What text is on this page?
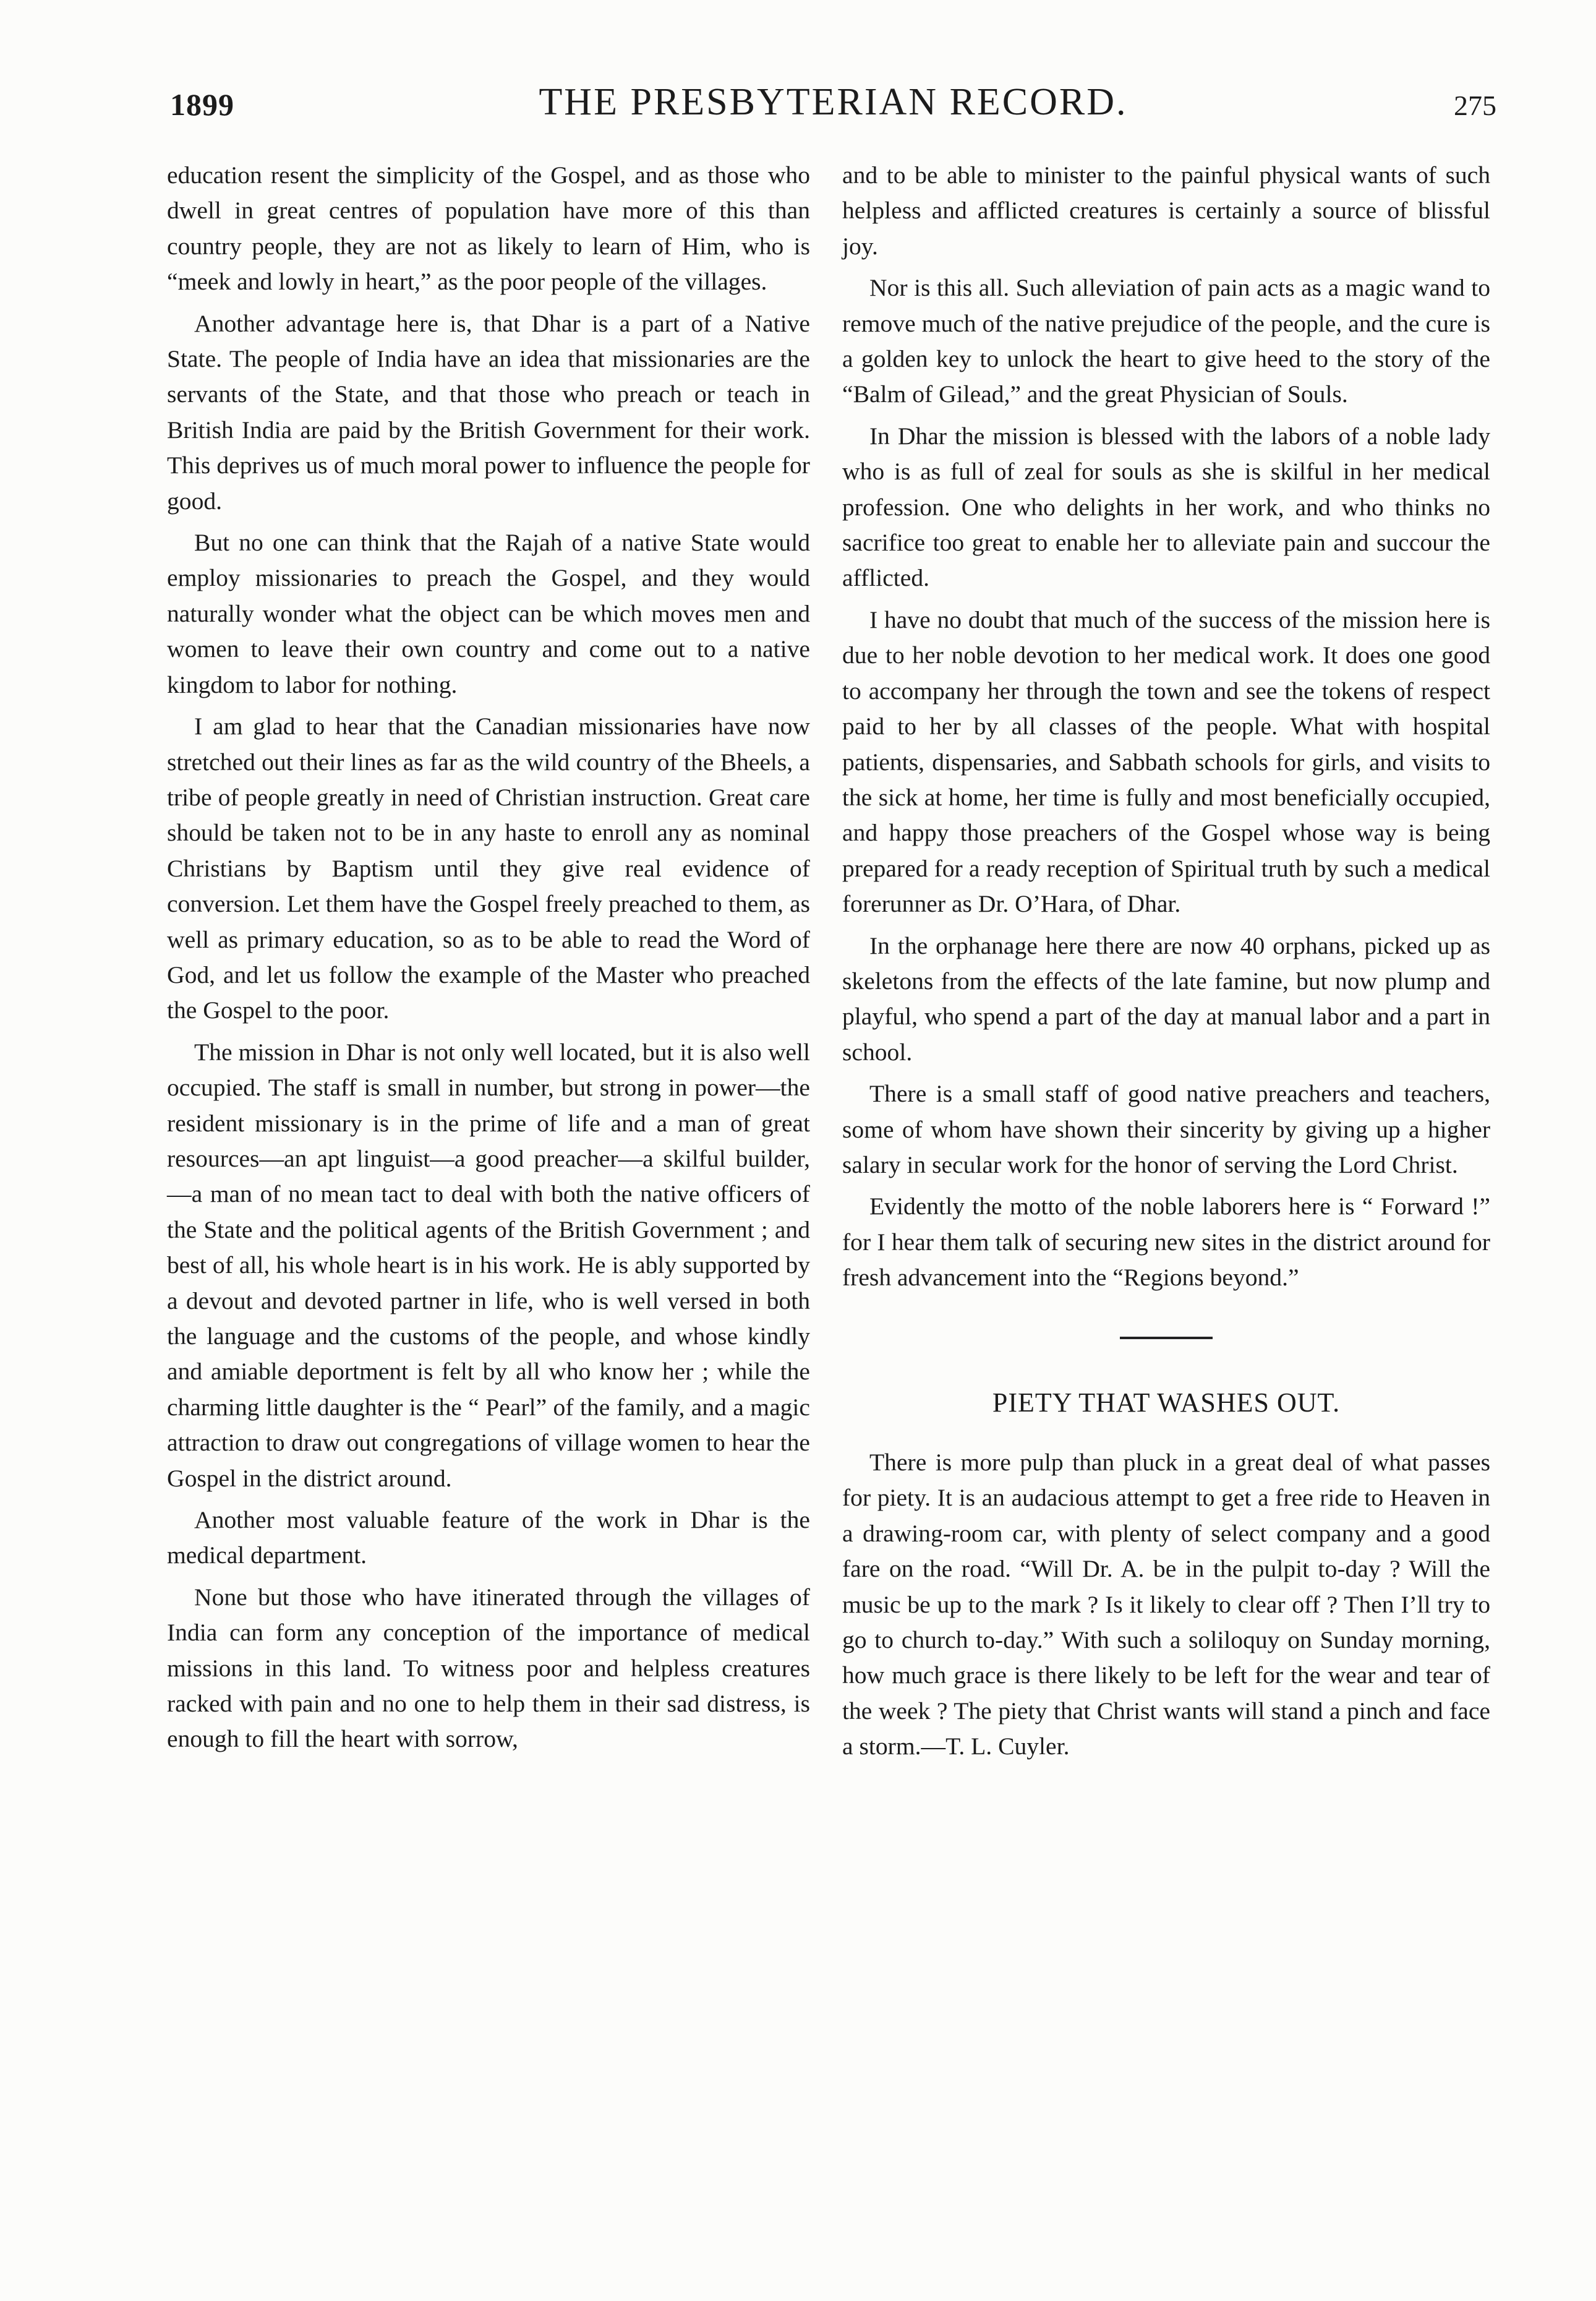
1899	THE PRESBYTERIAN RECORD.	275

education resent the simplicity of the Gospel, and as those who dwell in great centres of population have more of this than country people, they are not as likely to learn of Him, who is “meek and lowly in heart,” as the poor people of the villages.

Another advantage here is, that Dhar is a part of a Native State. The people of India have an idea that missionaries are the servants of the State, and that those who preach or teach in British India are paid by the British Government for their work. This deprives us of much moral power to influence the people for good.

But no one can think that the Rajah of a native State would employ missionaries to preach the Gospel, and they would naturally wonder what the object can be which moves men and women to leave their own country and come out to a native kingdom to labor for nothing.

I am glad to hear that the Canadian missionaries have now stretched out their lines as far as the wild country of the Bheels, a tribe of people greatly in need of Christian instruction. Great care should be taken not to be in any haste to enroll any as nominal Christians by Baptism until they give real evidence of conversion. Let them have the Gospel freely preached to them, as well as primary education, so as to be able to read the Word of God, and let us follow the example of the Master who preached the Gospel to the poor.

The mission in Dhar is not only well located, but it is also well occupied. The staff is small in number, but strong in power—the resident missionary is in the prime of life and a man of great resources—an apt linguist—a good preacher—a skilful builder,—a man of no mean tact to deal with both the native officers of the State and the political agents of the British Government ; and best of all, his whole heart is in his work. He is ably supported by a devout and devoted partner in life, who is well versed in both the language and the customs of the people, and whose kindly and amiable deportment is felt by all who know her ; while the charming little daughter is the “ Pearl” of the family, and a magic attraction to draw out congregations of village women to hear the Gospel in the district around.

Another most valuable feature of the work in Dhar is the medical department.

None but those who have itinerated through the villages of India can form any conception of the importance of medical missions in this land. To witness poor and helpless creatures racked with pain and no one to help them in their sad distress, is enough to fill the heart with sorrow,

and to be able to minister to the painful physical wants of such helpless and afflicted creatures is certainly a source of blissful joy.

Nor is this all. Such alleviation of pain acts as a magic wand to remove much of the native prejudice of the people, and the cure is a golden key to unlock the heart to give heed to the story of the “Balm of Gilead,” and the great Physician of Souls.

In Dhar the mission is blessed with the labors of a noble lady who is as full of zeal for souls as she is skilful in her medical profession. One who delights in her work, and who thinks no sacrifice too great to enable her to alleviate pain and succour the afflicted.

I have no doubt that much of the success of the mission here is due to her noble devotion to her medical work. It does one good to accompany her through the town and see the tokens of respect paid to her by all classes of the people. What with hospital patients, dispensaries, and Sabbath schools for girls, and visits to the sick at home, her time is fully and most beneficially occupied, and happy those preachers of the Gospel whose way is being prepared for a ready reception of Spiritual truth by such a medical forerunner as Dr. O’Hara, of Dhar.

In the orphanage here there are now 40 orphans, picked up as skeletons from the effects of the late famine, but now plump and playful, who spend a part of the day at manual labor and a part in school.

There is a small staff of good native preachers and teachers, some of whom have shown their sincerity by giving up a higher salary in secular work for the honor of serving the Lord Christ.

Evidently the motto of the noble laborers here is “ Forward !” for I hear them talk of securing new sites in the district around for fresh advancement into the “Regions beyond.”

PIETY THAT WASHES OUT.

There is more pulp than pluck in a great deal of what passes for piety. It is an audacious attempt to get a free ride to Heaven in a drawing-room car, with plenty of select company and a good fare on the road. “Will Dr. A. be in the pulpit to-day ? Will the music be up to the mark ? Is it likely to clear off ? Then I’ll try to go to church to-day.” With such a soliloquy on Sunday morning, how much grace is there likely to be left for the wear and tear of the week ? The piety that Christ wants will stand a pinch and face a storm.—T. L. Cuyler.
